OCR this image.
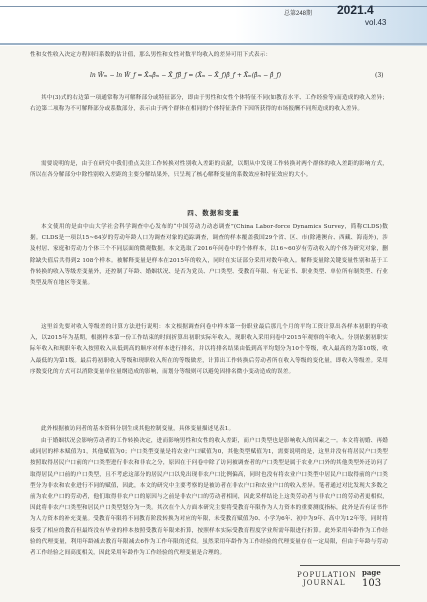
总第248期 2021.4
vol.43
性和女性收入决定方程回归系数的估计值，那么男性和女性对数平均收入的差异可用下式表示：
ln W̄ₘ − ln W̄_f = X̄ₘβ̂ₘ − X̄_fβ̂_f = (X̄ₘ − X̄_f)β̂_f + X̄ₘ(β̂ₘ − β̂_f)	(3)
其中(3)式的右边第一项通常称为可解释部分或特征部分，即由于男性和女性个体特征不同(如教育水平、工作经验等)而造成的收入差异；右边第二项称为不可解释部分或系数部分，表示由于两个群体在相同的个体特征条件下因所获得的市场报酬不同所造成的收入差异。
需要说明的是，由于在研究中我们重点关注工作转换对性别收入差距的贡献，以期从中发现工作转换对两个群体的收入差距的影响方式，所以在各分解部分中除性别收入差距的主要分解结果外，只呈现了核心解释变量的系数效应和特征效应的大小。
四、数据和变量
本文使用的是由中山大学社会科学调查中心发布的“中国劳动力动态调查”(China Labor-force Dynamics Survey，简称CLDS)数据。CLDS是一项以15~64岁的劳动年龄人口为调查对象的追踪调查，调查的样本覆盖我国29个省、区、市(除港澳台、西藏、海南外)，涉及村居、家庭和劳动力个体三个不同层面的微观数据。本文选取了2016年问卷中的个体样本，以16~60岁有劳动收入的个体为研究对象，删除缺失值后共得到2 108个样本。被解释变量是样本在2015年的收入，同时在实证部分采用对数年收入。解释变量除关键变量性别和基于工作转换的收入等级差变量外，还控制了年龄、婚姻状况、是否为党员、户口类型、受教育年限、有无证书、职业类型、单位所有制类型、行业类型及所在地区等变量。
这里首先要对收入等级差的计算方法进行说明：本文根据调查问卷中样本第一份职业最后那几个月的平均工资计算出各样本初职的年收入，以2015年为基期，根据样本第一份工作结束的时间折算出初职实际年收入，现职收入采用问卷中2015年观察的年收入。分别依据初职实际年收入和现职年收入按照收入从低到高的顺序对样本进行排名，并以将排名结果由低到高平均划分为10个等级，收入最高的为第10级，收入最低的为第1级。最后将初职收入等级和现职收入所在的等级做差，计算出工作转换后劳动者所在收入等级的变化量，即收入等级差。采用序数变化的方式可以消除变量单位量纲造成的影响，而划分等级则可以避免因排名微小变动造成的误差。
此外根据被访问者的基本资料分别生成其他控制变量，具体变量描述见表1。
由于婚姻状况会影响劳动者的工作转换决定，进而影响男性和女性的收入差距，而户口类型也是影响收入的因素之一。本文将初婚、再婚或同居的样本赋值为1，其他赋值为0；户口类型变量是将农业户口赋值为0，其他类型赋值为1，需要说明的是，这里并没有将居民户口类型按照取得居民户口前的户口类型进行非农和非农之分，原因在于问卷中除了访问被调查者的户口类型是属于农业户口外的其他类型外还访问了取得居民户口前的户口类型，且不考虑这部分的居民户口以免出现非农户口比例偏高，同时也没有将农业户口类型中居民户口取得前的户口类型分为非农和农业进行不同的赋值，因此，本文的研究中主要考察的是被访者在非农户口和农业户口的收入差异。笔者通过对比发现大多数之前为农业户口的劳动者，他们取得非农户口的原因与之前是非农户口的劳动者相同，因此采样结论上这类劳动者与非农户口的劳动者更相似，因此将非农户口类型和居民户口类型划分为一类。其次在个人方面本研究主要将受教育年限作为人力资本的重要测度指标，此外是否有证书作为人力资本的补充变量。受教育年限将不同教育阶段转换为对应的年限，未受教育赋值为0、小学为6年、初中为9年、高中为12年等，同时将接受了相应的教育但最终没有毕业的样本按照受教育年限来折算，按照样本实际受教育程度学业所需年限进行折算。此外采用年龄作为工作经验的代理变量，利用年龄减去教育年限减去6作为工作年限的近似。虽然采用年龄作为工作经验的代理变量存在一定局限，但由于年龄与劳动者工作经验之间高度相关，因此采用年龄作为工作经验的代理变量是合理的。
POPULATION
JOURNAL
page
103
